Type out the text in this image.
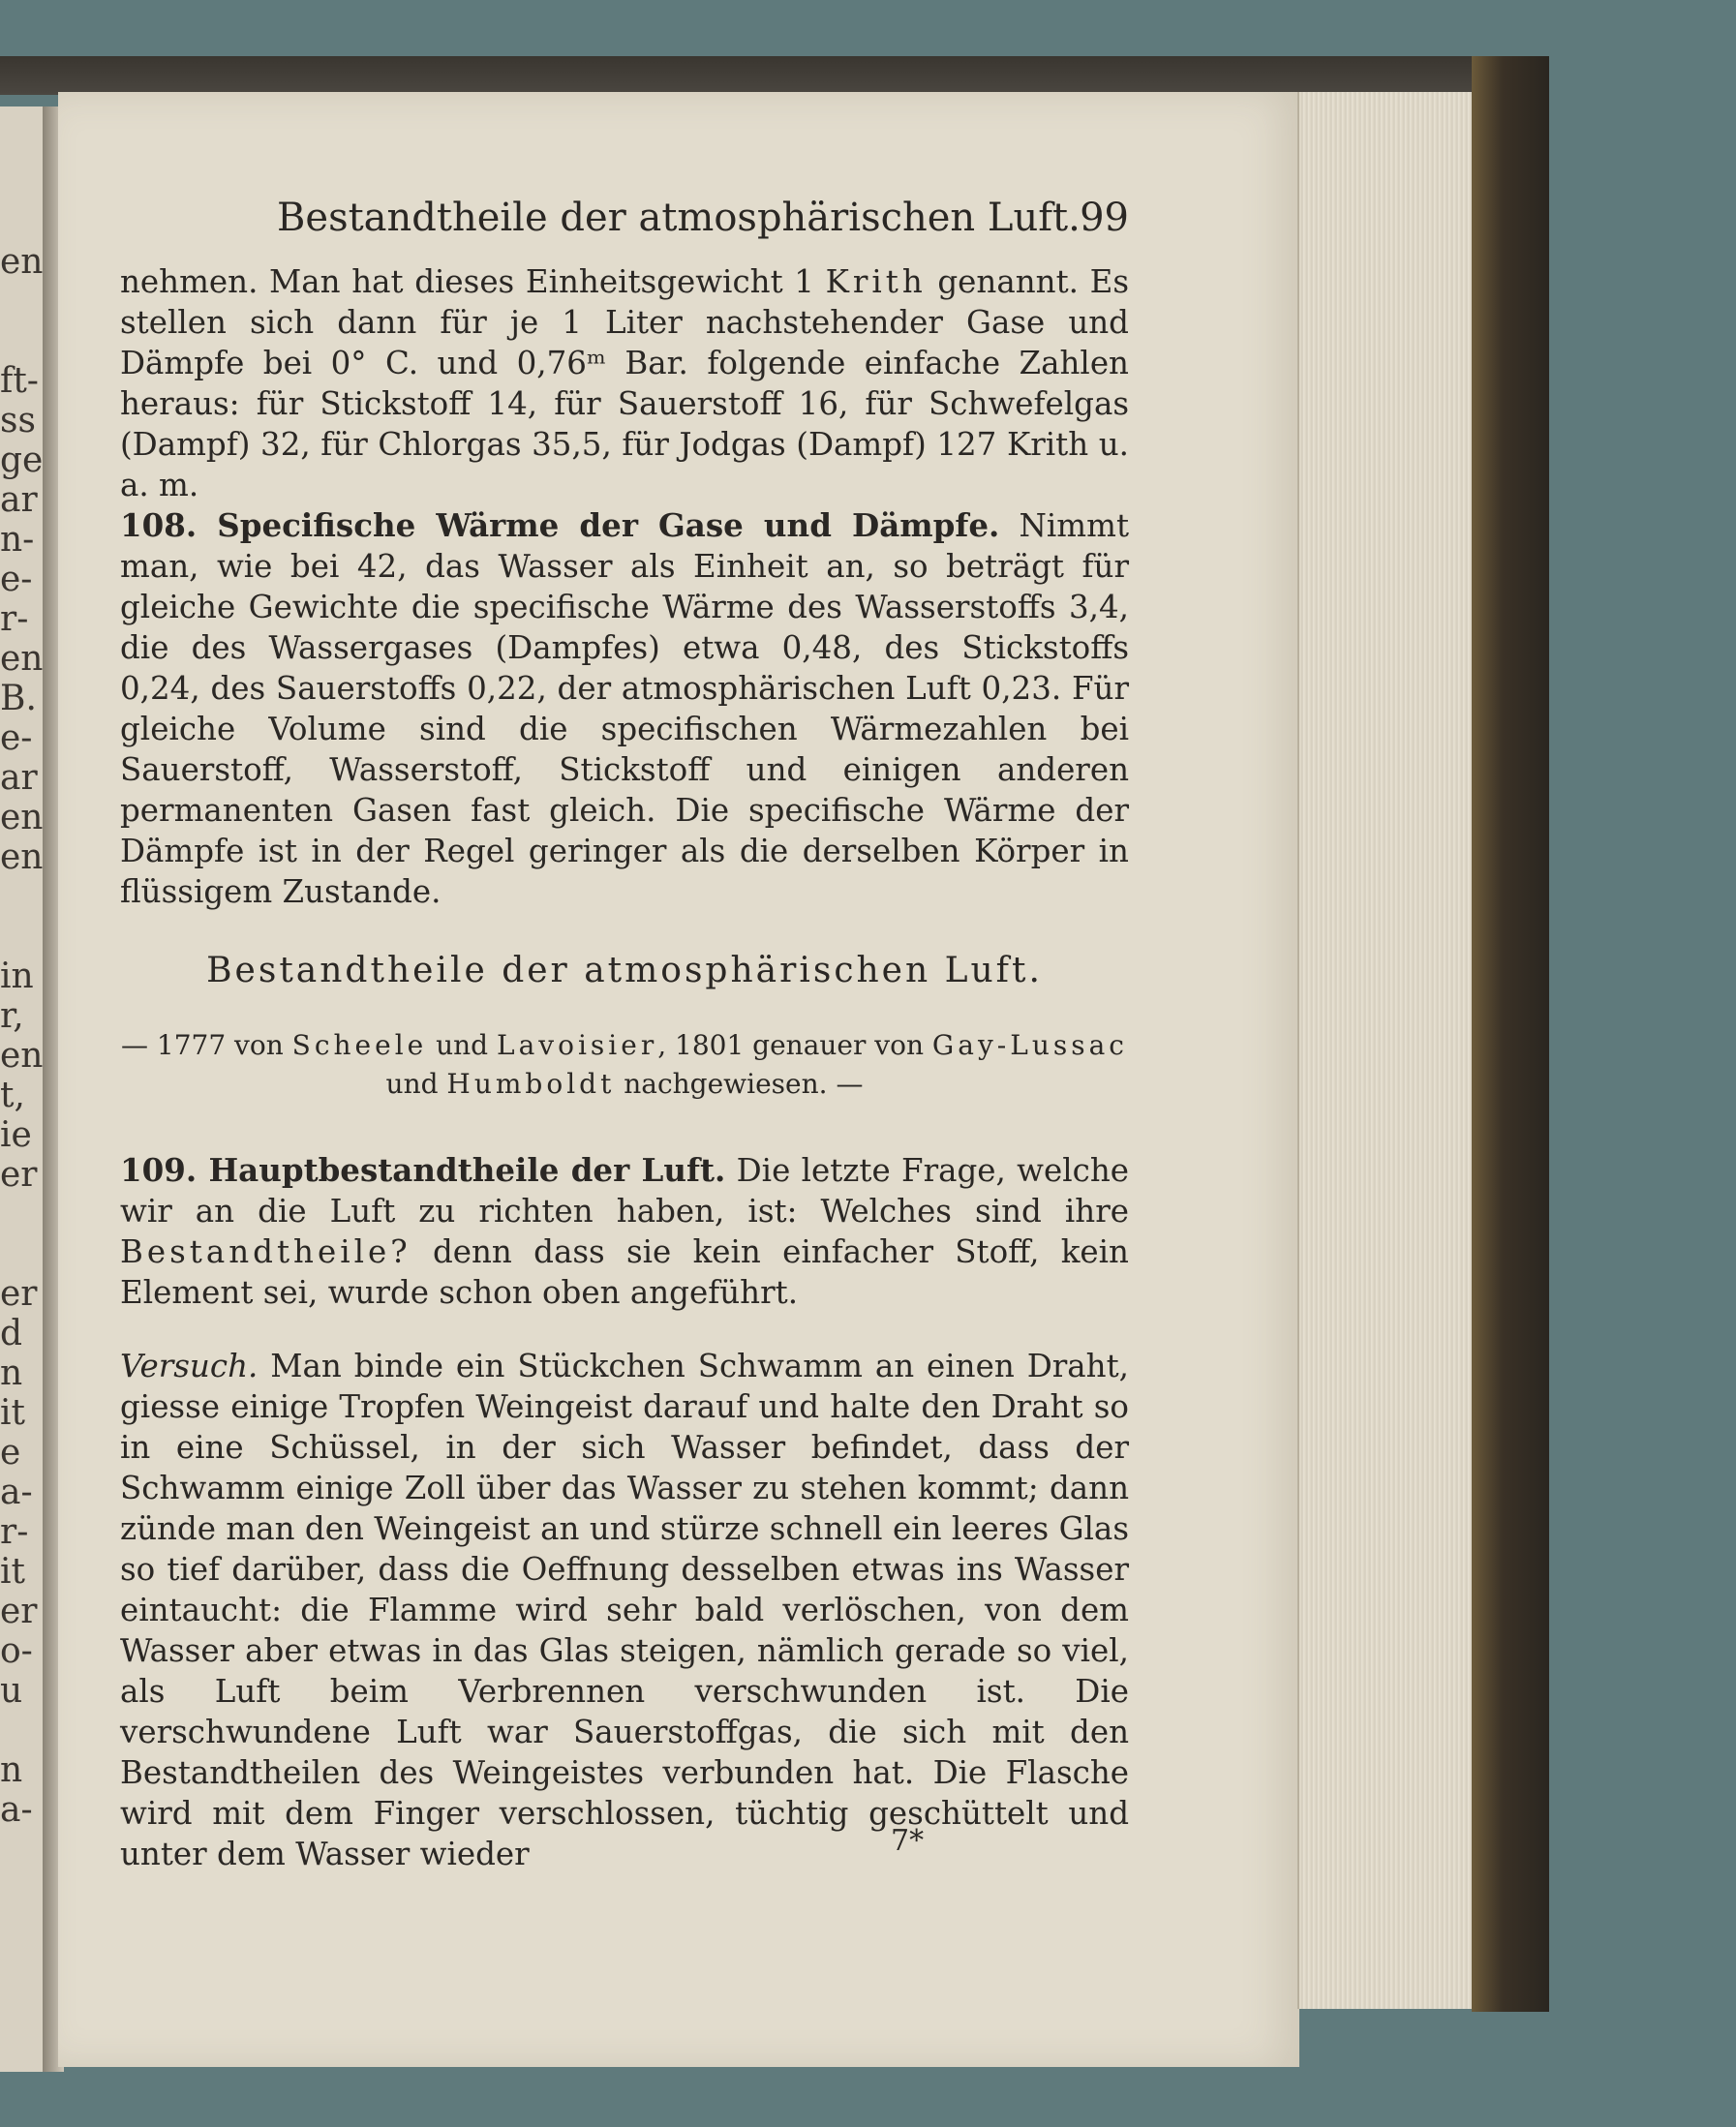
en
ft-
ss
ge
ar
n-
e-
r-
en
B.
e-
ar
en
en
in
r,
en
t,
ie
er
er
d
n
it
e
a-
r-
it
er
o-
u
n
a-
Bestandtheile der atmosphärischen Luft. 99
nehmen. Man hat dieses Einheitsgewicht 1 Krith genannt. Es stellen sich dann für je 1 Liter nachstehender Gase und Dämpfe bei 0° C. und 0,76ᵐ Bar. folgende einfache Zahlen heraus: für Stickstoff 14, für Sauerstoff 16, für Schwefelgas (Dampf) 32, für Chlorgas 35,5, für Jodgas (Dampf) 127 Krith u. a. m.
108. Specifische Wärme der Gase und Dämpfe. Nimmt man, wie bei 42, das Wasser als Einheit an, so beträgt für gleiche Gewichte die specifische Wärme des Wasserstoffs 3,4, die des Wassergases (Dampfes) etwa 0,48, des Stickstoffs 0,24, des Sauerstoffs 0,22, der atmosphärischen Luft 0,23. Für gleiche Volume sind die specifischen Wärmezahlen bei Sauerstoff, Wasserstoff, Stickstoff und einigen anderen permanenten Gasen fast gleich. Die specifische Wärme der Dämpfe ist in der Regel geringer als die derselben Körper in flüssigem Zustande.
Bestandtheile der atmosphärischen Luft.
— 1777 von Scheele und Lavoisier, 1801 genauer von Gay-Lussac
und Humboldt nachgewiesen. —
109. Hauptbestandtheile der Luft. Die letzte Frage, welche wir an die Luft zu richten haben, ist: Welches sind ihre Bestandtheile? denn dass sie kein einfacher Stoff, kein Element sei, wurde schon oben angeführt.
Versuch. Man binde ein Stückchen Schwamm an einen Draht, giesse einige Tropfen Weingeist darauf und halte den Draht so in eine Schüssel, in der sich Wasser befindet, dass der Schwamm einige Zoll über das Wasser zu stehen kommt; dann zünde man den Weingeist an und stürze schnell ein leeres Glas so tief darüber, dass die Oeffnung desselben etwas ins Wasser eintaucht: die Flamme wird sehr bald verlöschen, von dem Wasser aber etwas in das Glas steigen, nämlich gerade so viel, als Luft beim Verbrennen verschwunden ist. Die verschwundene Luft war Sauerstoffgas, die sich mit den Bestandtheilen des Weingeistes verbunden hat. Die Flasche wird mit dem Finger verschlossen, tüchtig geschüttelt und unter dem Wasser wieder	7*
